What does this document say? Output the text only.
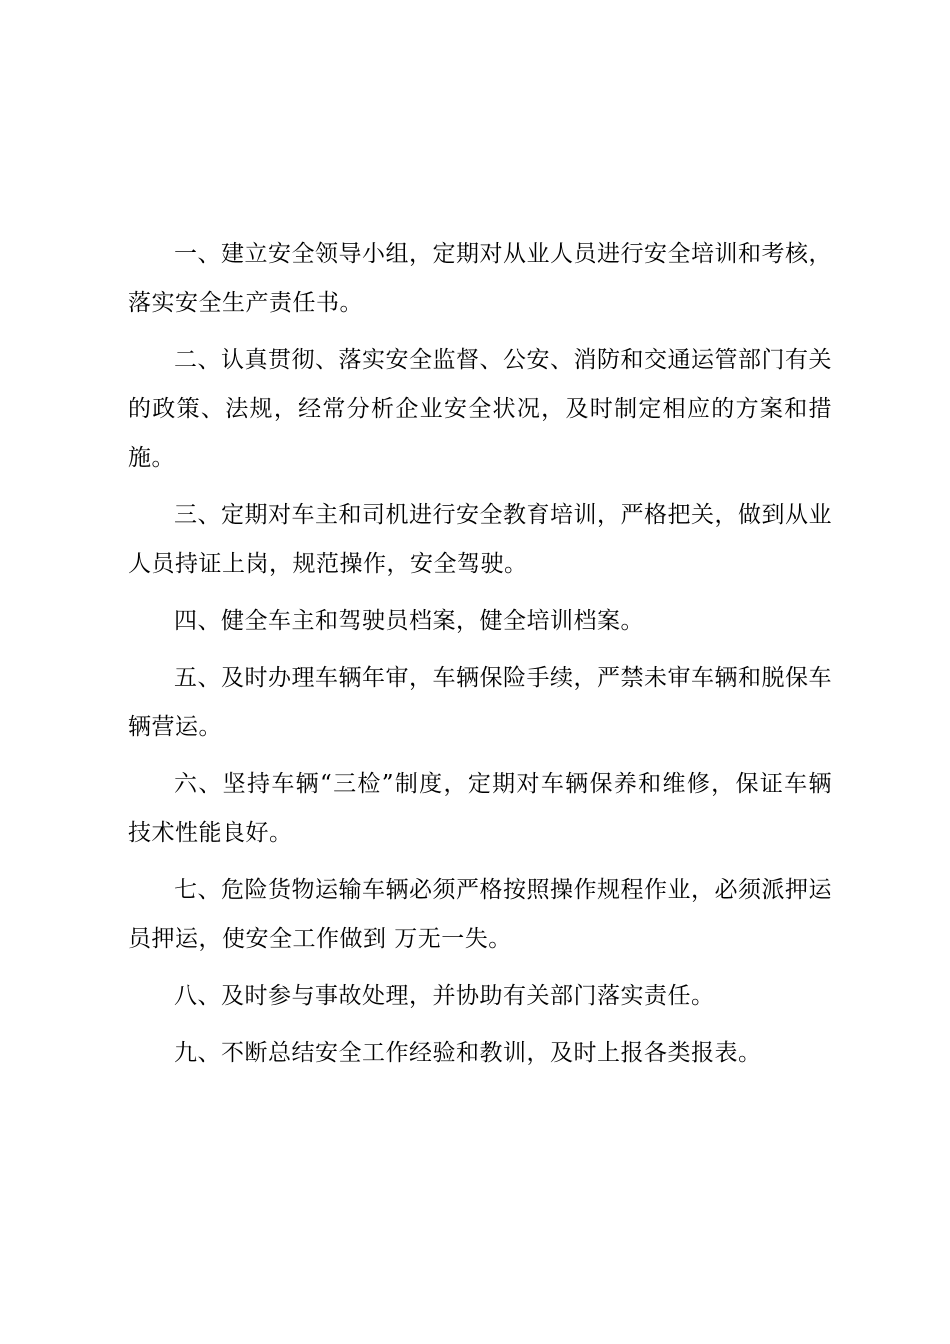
一、建立安全领导小组，定期对从业人员进行安全培训和考核，落实安全生产责任书。

二、认真贯彻、落实安全监督、公安、消防和交通运管部门有关的政策、法规，经常分析企业安全状况，及时制定相应的方案和措施。

三、定期对车主和司机进行安全教育培训，严格把关，做到从业人员持证上岗，规范操作，安全驾驶。

四、健全车主和驾驶员档案，健全培训档案。

五、及时办理车辆年审，车辆保险手续，严禁未审车辆和脱保车辆营运。

六、坚持车辆“三检”制度，定期对车辆保养和维修，保证车辆技术性能良好。

七、危险货物运输车辆必须严格按照操作规程作业，必须派押运员押运，使安全工作做到 万无一失。

八、及时参与事故处理，并协助有关部门落实责任。

九、不断总结安全工作经验和教训，及时上报各类报表。
